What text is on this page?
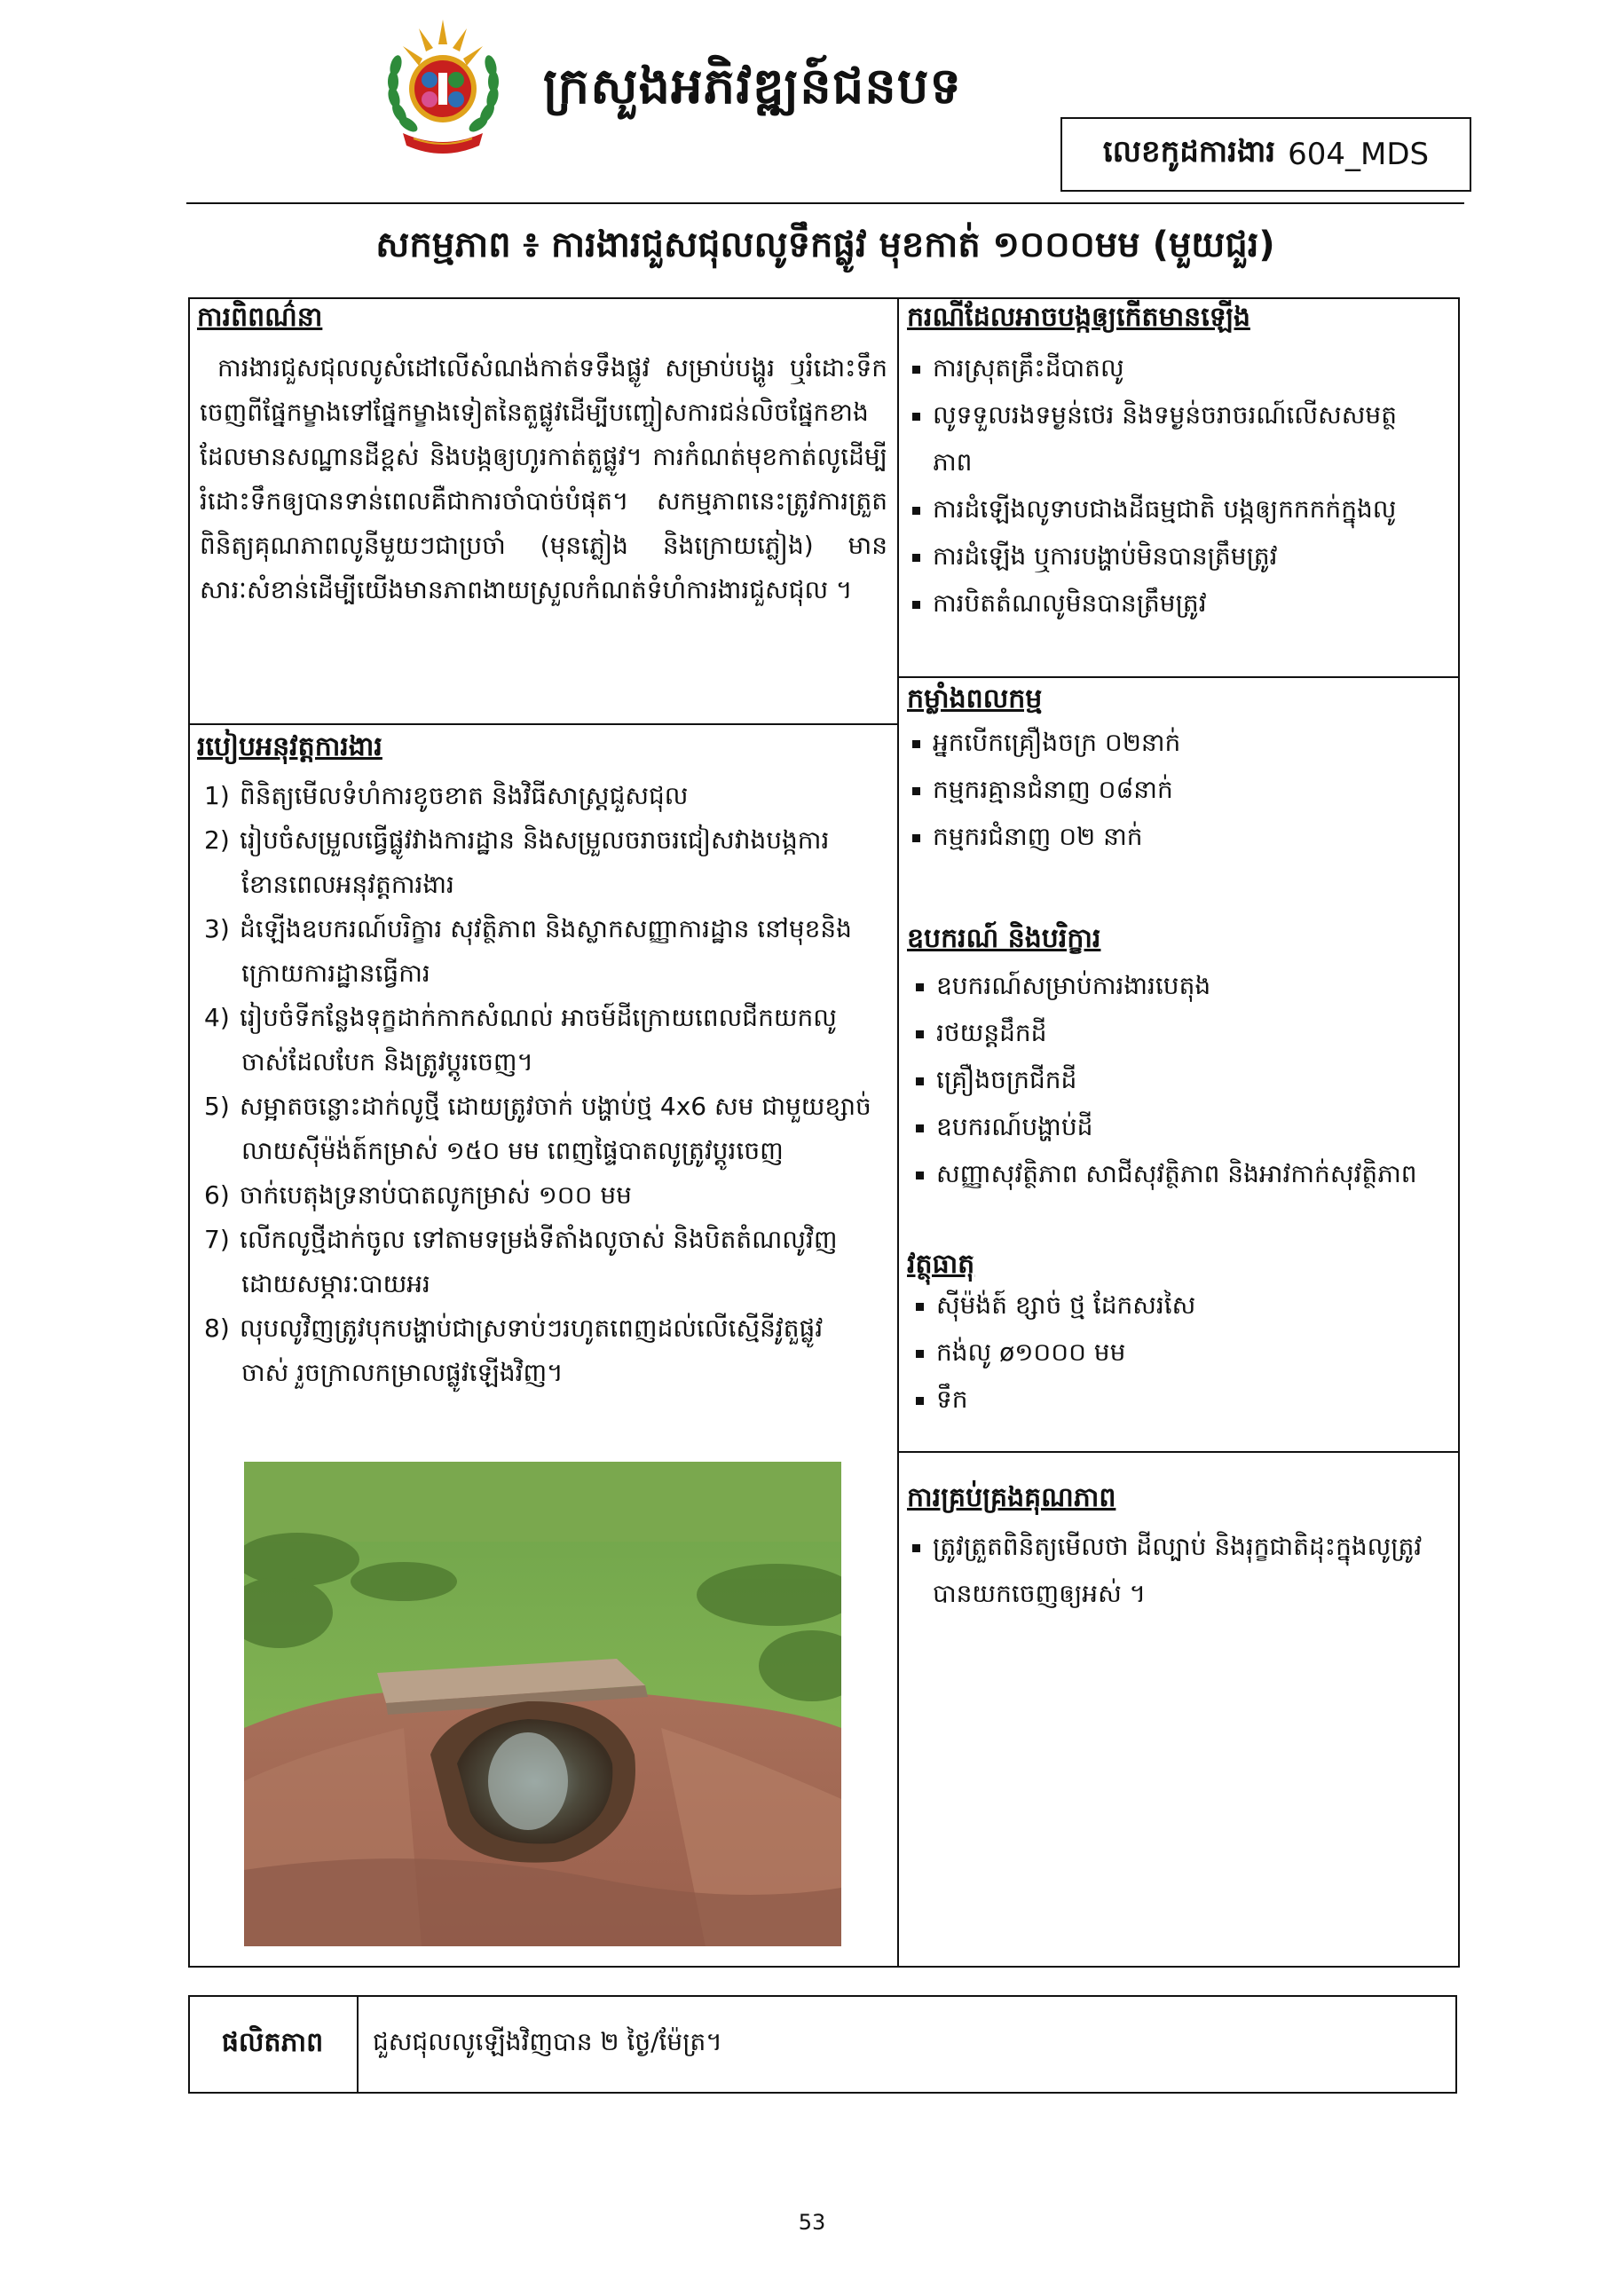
ក្រសួងអភិវឌ្ឍន៍ជនបទ
លេខកូដការងារ 604_MDS
សកម្មភាព ៖ ការងារជួសជុលលូទឹកផ្លូវ មុខកាត់ ១០០០មម (មួយជួរ)
ការពិពណ៌នា
ការងារជួសជុលលូសំដៅលើសំណង់កាត់ទទឹងផ្លូវ សម្រាប់បង្ហូរ ឬរំដោះទឹកចេញពីផ្នែកម្ខាងទៅផ្នែកម្ខាងទៀតនៃតួផ្លូវដើម្បីបញ្ចៀសការជន់លិចផ្នែកខាងដែលមានសណ្ឋានដីខ្ពស់ និងបង្កឲ្យហូរកាត់តួផ្លូវ។ ការកំណត់មុខកាត់លូដើម្បីរំដោះទឹកឲ្យបានទាន់ពេលគឺជាការចាំបាច់បំផុត។ សកម្មភាពនេះត្រូវការត្រួតពិនិត្យគុណភាពលូនីមួយៗជាប្រចាំ (មុនភ្លៀង និងក្រោយភ្លៀង) មានសារៈសំខាន់ដើម្បីយើងមានភាពងាយស្រួលកំណត់ទំហំការងារជួសជុល ។
ករណីដែលអាចបង្កឲ្យកើតមានឡើង
ការស្រុតគ្រឹះដីបាតលូ
លូទទួលរងទម្ងន់ថេរ និងទម្ងន់ចរាចរណ៍លើសសមត្ថ
ភាព
ការដំឡើងលូទាបជាងដីធម្មជាតិ បង្កឲ្យកកកក់ក្នុងលូ
ការដំឡើង ឬការបង្ហាប់មិនបានត្រឹមត្រូវ
ការបិតតំណលូមិនបានត្រឹមត្រូវ
របៀបអនុវត្តការងារ
1) ពិនិត្យមើលទំហំការខូចខាត និងវិធីសាស្ត្រជួសជុល
2) រៀបចំសម្រួលធ្វើផ្លូវវាងការដ្ឋាន និងសម្រួលចរាចរជៀសវាងបង្កការ
ខែានពេលអនុវត្តការងារ
3) ដំឡើងឧបករណ៍បរិក្ខារ សុវត្ថិភាព និងស្លាកសញ្ញាការដ្ឋាន នៅមុខនិង
ក្រោយការដ្ឋានធ្វើការ
4) រៀបចំទីកន្លែងទុក្ខដាក់កាកសំណល់ អាចម៍ដីក្រោយពេលជីកយកលូ
ចាស់ដែលបែក និងត្រូវប្តូរចេញ។
5) សម្អាតចន្លោះដាក់លូថ្មី ដោយត្រូវចាក់ បង្ហាប់ថ្ម 4x6 សម ជាមួយខ្សាច់
លាយស៊ីម៉ង់ត៍កម្រាស់ ១៥០ មម ពេញផ្ទៃបាតលូត្រូវប្តូរចេញ
6) ចាក់បេតុងទ្រនាប់បាតលូកម្រាស់ ១០០ មម
7) លើកលូថ្មីដាក់ចូល ទៅតាមទម្រង់ទីតាំងលូចាស់ និងបិតតំណលូវិញ
ដោយសម្ភារៈបាយអរ
8) លុបលូវិញត្រូវបុកបង្ហាប់ជាស្រទាប់ៗរហូតពេញដល់លើស្មើនីវូតួផ្លូវ
ចាស់ រួចក្រាលកម្រាលផ្លូវឡើងវិញ។
កម្លាំងពលកម្ម
អ្នកបើកគ្រឿងចក្រ ០២នាក់
កម្មករគ្មានជំនាញ ០៨នាក់
កម្មករជំនាញ ០២ នាក់
ឧបករណ៍ និងបរិក្ខារ
ឧបករណ៍សម្រាប់ការងារបេតុង
រថយន្តដឹកដី
គ្រឿងចក្រជីកដី
ឧបករណ៍បង្ហាប់ដី
សញ្ញាសុវត្ថិភាព សាជីសុវត្ថិភាព និងអាវកាក់សុវត្ថិភាព
វត្ថុធាតុ
ស៊ីម៉ង់ត៍ ខ្សាច់ ថ្ម ដែកសរសៃ
កង់លូ ø១០០០ មម
ទឹក
ការគ្រប់គ្រងគុណភាព
ត្រូវត្រួតពិនិត្យមើលថា ដីល្បាប់ និងរុក្ខជាតិដុះក្នុងលូត្រូវ
បានយកចេញឲ្យអស់ ។
ផលិតភាព	ជួសជុលលូឡើងវិញបាន ២ ថ្ងៃ/ម៉ែត្រ។
53
